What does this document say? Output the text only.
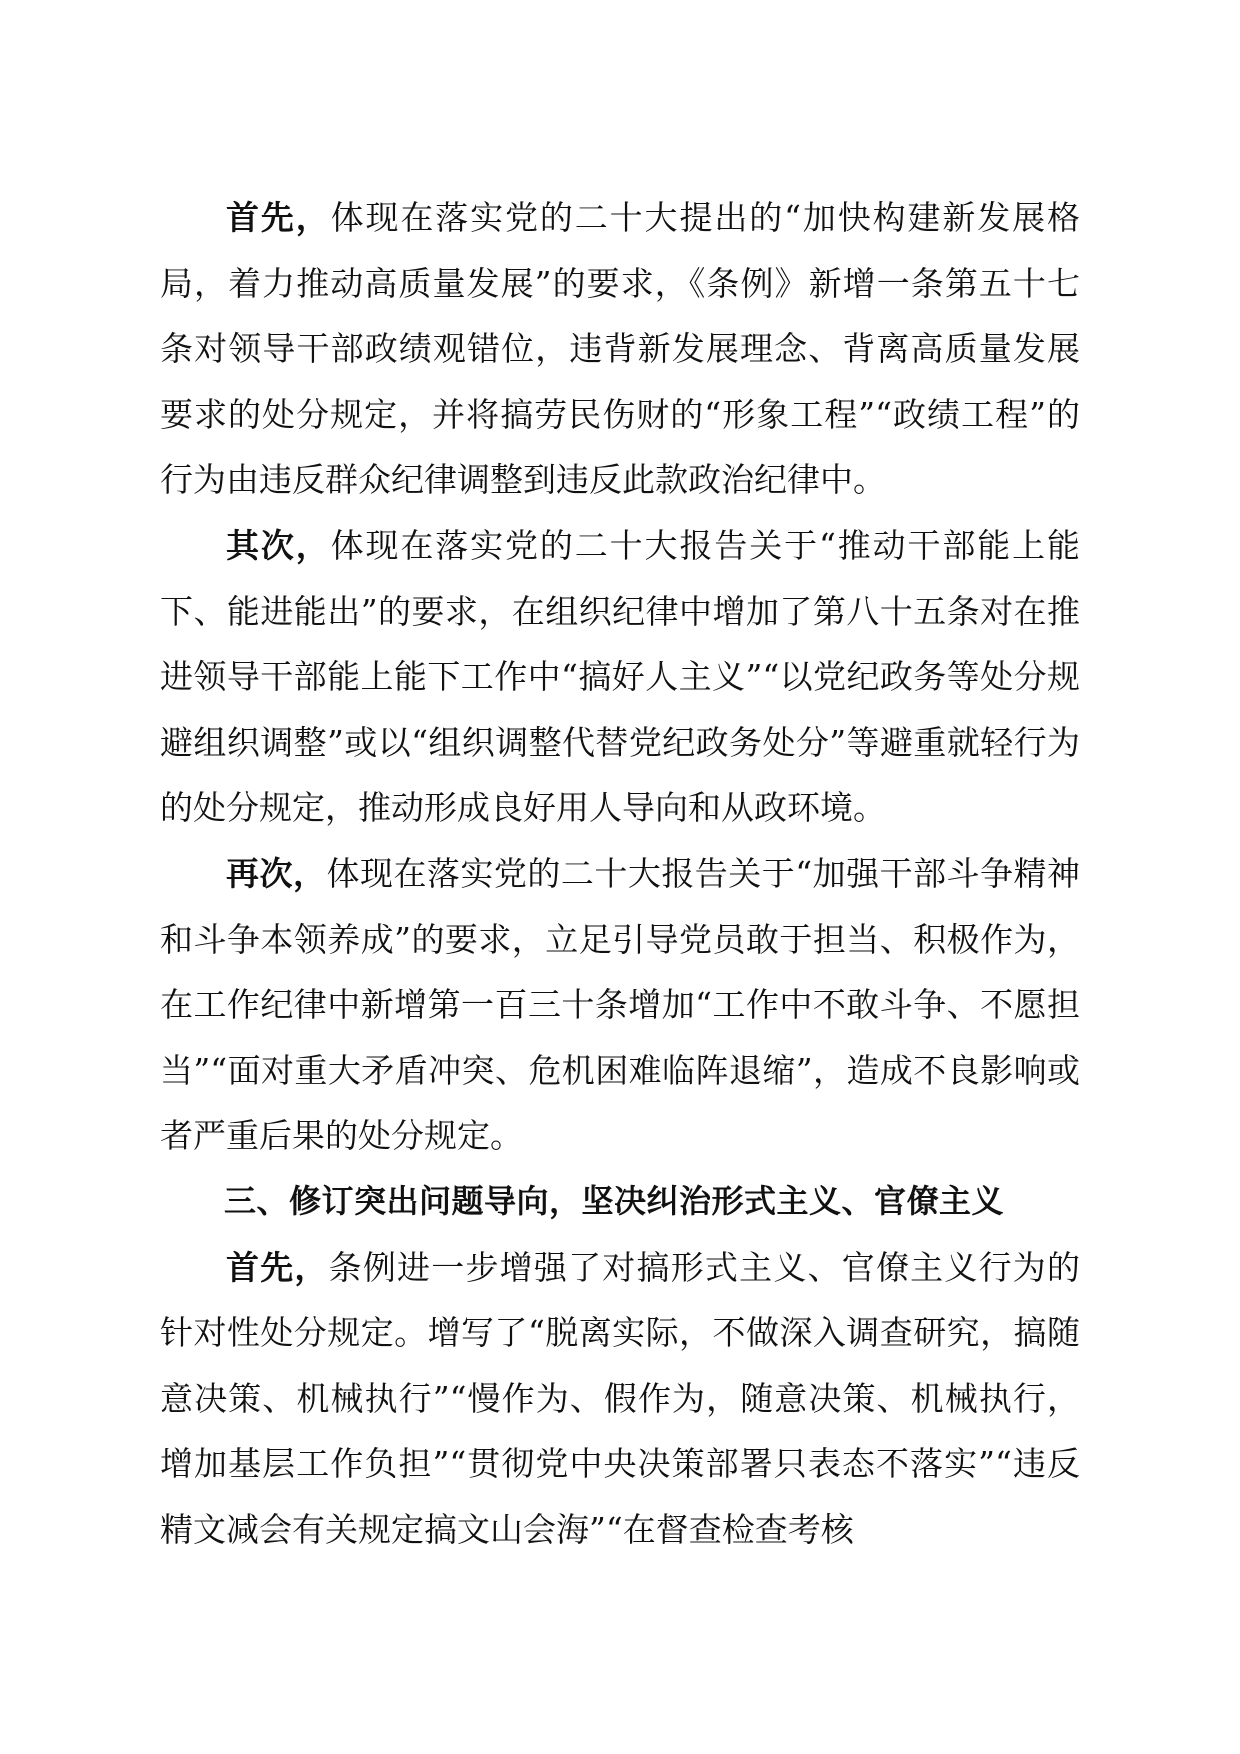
首先，体现在落实党的二十大提出的“加快构建新发展格局，着力推动高质量发展”的要求，《条例》新增一条第五十七条对领导干部政绩观错位，违背新发展理念、背离高质量发展要求的处分规定，并将搞劳民伤财的“形象工程”“政绩工程”的行为由违反群众纪律调整到违反此款政治纪律中。

其次，体现在落实党的二十大报告关于“推动干部能上能下、能进能出”的要求，在组织纪律中增加了第八十五条对在推进领导干部能上能下工作中“搞好人主义”“以党纪政务等处分规避组织调整”或以“组织调整代替党纪政务处分”等避重就轻行为的处分规定，推动形成良好用人导向和从政环境。

再次，体现在落实党的二十大报告关于“加强干部斗争精神和斗争本领养成”的要求，立足引导党员敢于担当、积极作为，在工作纪律中新增第一百三十条增加“工作中不敢斗争、不愿担当”“面对重大矛盾冲突、危机困难临阵退缩”，造成不良影响或者严重后果的处分规定。

三、修订突出问题导向，坚决纠治形式主义、官僚主义

首先，条例进一步增强了对搞形式主义、官僚主义行为的针对性处分规定。增写了“脱离实际，不做深入调查研究，搞随意决策、机械执行”“慢作为、假作为，随意决策、机械执行，增加基层工作负担”“贯彻党中央决策部署只表态不落实”“违反精文减会有关规定搞文山会海”“在督查检查考核
